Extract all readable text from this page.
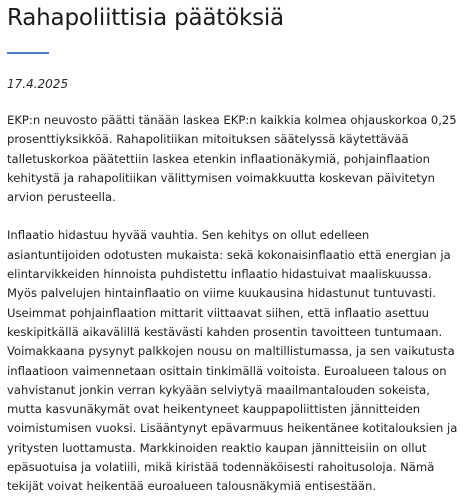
Rahapoliittisia päätöksiä
17.4.2025

EKP:n neuvosto päätti tänään laskea EKP:n kaikkia kolmea ohjauskorkoa 0,25 prosenttiyksikköä. Rahapolitiikan mitoituksen säätelyssä käytettävää talletuskorkoa päätettiin laskea etenkin inflaationäkymiä, pohjainflaation kehitystä ja rahapolitiikan välittymisen voimakkuutta koskevan päivitetyn arvion perusteella.

Inflaatio hidastuu hyvää vauhtia. Sen kehitys on ollut edelleen asiantuntijoiden odotusten mukaista: sekä kokonaisinflaatio että energian ja elintarvikkeiden hinnoista puhdistettu inflaatio hidastuivat maaliskuussa. Myös palvelujen hintainflaatio on viime kuukausina hidastunut tuntuvasti. Useimmat pohjainflaation mittarit viittaavat siihen, että inflaatio asettuu keskipitkällä aikavälillä kestävästi kahden prosentin tavoitteen tuntumaan. Voimakkaana pysynyt palkkojen nousu on maltillistumassa, ja sen vaikutusta inflaatioon vaimennetaan osittain tinkimällä voitoista. Euroalueen talous on vahvistanut jonkin verran kykyään selviytyä maailmantalouden sokeista, mutta kasvunäkymät ovat heikentyneet kauppapoliittisten jännitteiden voimistumisen vuoksi. Lisääntynyt epävarmuus heikentänee kotitalouksien ja yritysten luottamusta. Markkinoiden reaktio kaupan jännitteisiin on ollut epäsuotuisa ja volatiili, mikä kiristää todennäköisesti rahoitusoloja. Nämä tekijät voivat heikentää euroalueen talousnäkymiä entisestään.
